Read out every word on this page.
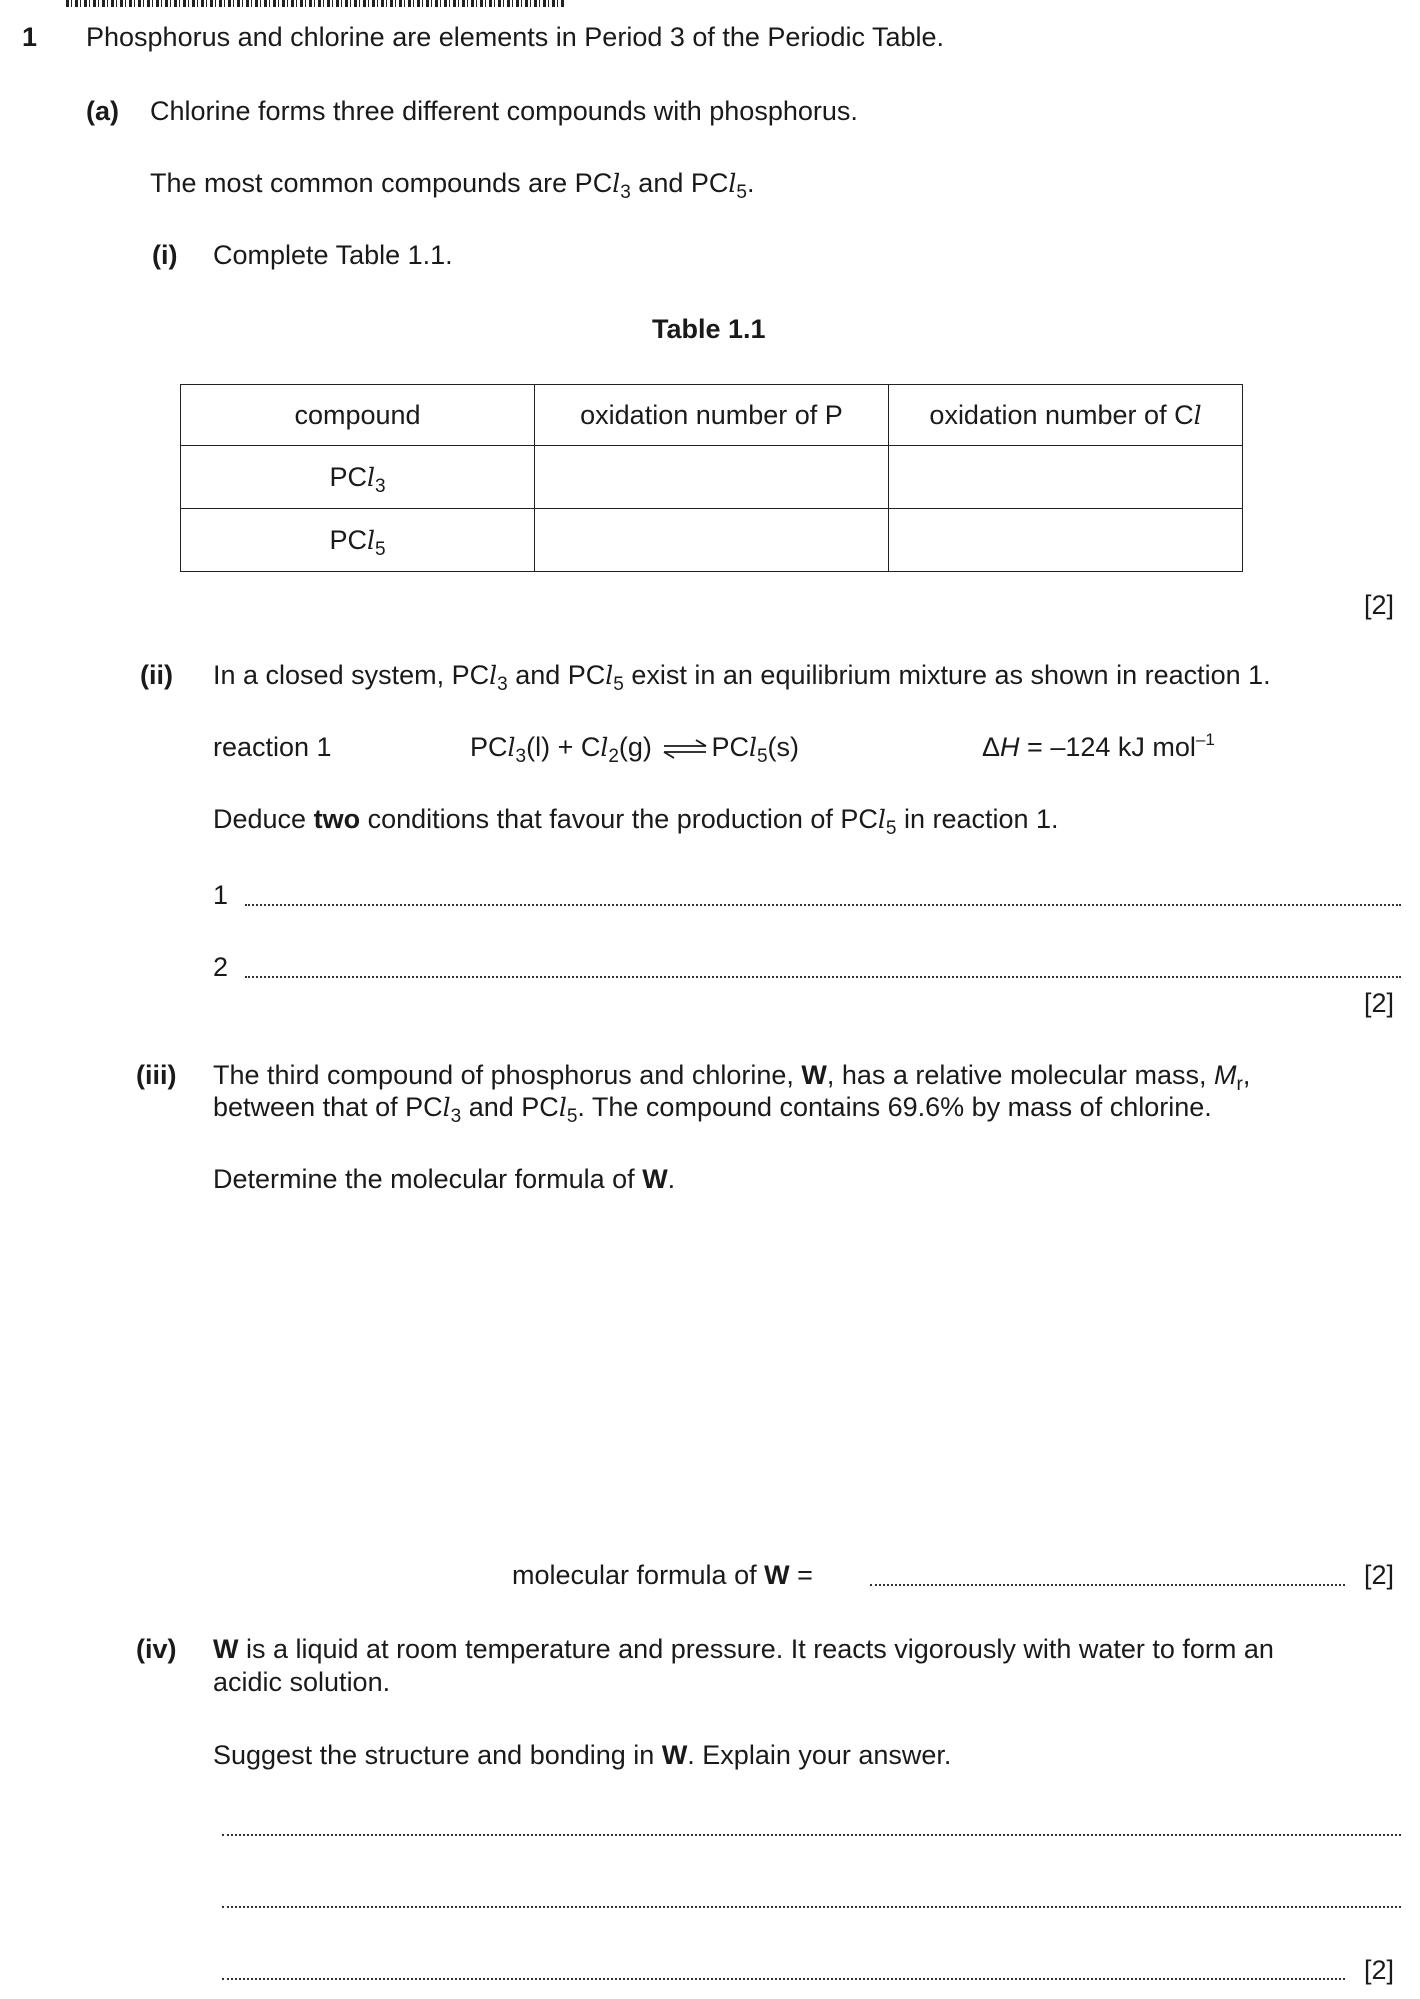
1 Phosphorus and chlorine are elements in Period 3 of the Periodic Table.
(a) Chlorine forms three different compounds with phosphorus.
The most common compounds are PCl$_3$ and PCl$_5$.
(i) Complete Table 1.1.
Table 1.1
compound	oxidation number of P	oxidation number of Cl
PCl$_3$		
PCl$_5$		
[2]
(ii) In a closed system, PCl$_3$ and PCl$_5$ exist in an equilibrium mixture as shown in reaction 1.
reaction 1	$PCl_3(l) + Cl_2(g)$ ⇌ PCl$_5$(s)	ΔH = –124 kJ mol$^{-1}$
Deduce two conditions that favour the production of PCl$_5$ in reaction 1.
1
2
[2]
(iii) The third compound of phosphorus and chlorine, W, has a relative molecular mass, $M_r$,
between that of PCl$_3$ and PCl$_5$. The compound contains 69.6% by mass of chlorine.
Determine the molecular formula of W.
molecular formula of W =	[2]
(iv) W is a liquid at room temperature and pressure. It reacts vigorously with water to form an
acidic solution.
Suggest the structure and bonding in W. Explain your answer.
[2]
